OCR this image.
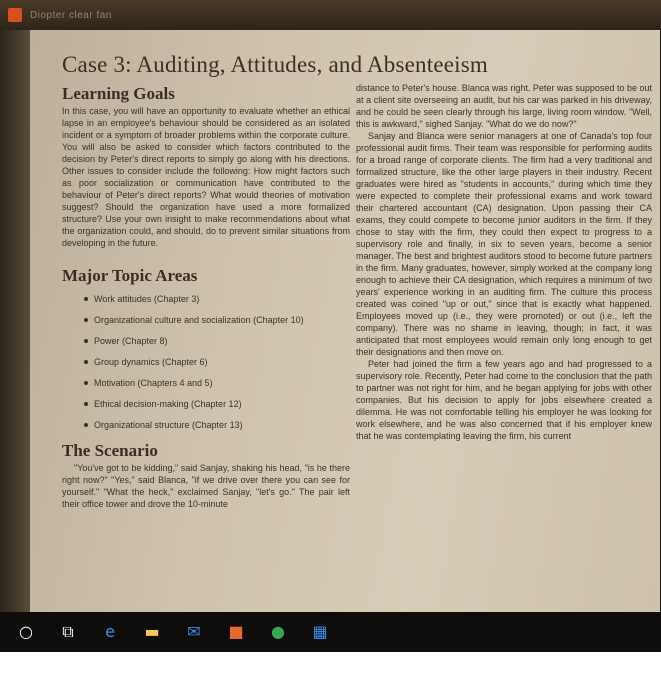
Diopter clear fan
Case 3: Auditing, Attitudes, and Absenteeism
Learning Goals

In this case, you will have an opportunity to evaluate whether an ethical lapse in an employee's behaviour should be considered as an isolated incident or a symptom of broader problems within the corporate culture. You will also be asked to consider which factors contributed to the decision by Peter's direct reports to simply go along with his directions. Other issues to consider include the following: How might factors such as poor socialization or communication have contributed to the behaviour of Peter's direct reports? What would theories of motivation suggest? Should the organization have used a more formalized structure? Use your own insight to make recommendations about what the organization could, and should, do to prevent similar situations from developing in the future.

Major Topic Areas
Work attitudes (Chapter 3)
Organizational culture and socialization (Chapter 10)
Power (Chapter 8)
Group dynamics (Chapter 6)
Motivation (Chapters 4 and 5)
Ethical decision-making (Chapter 12)
Organizational structure (Chapter 13)
The Scenario

"You've got to be kidding," said Sanjay, shaking his head, "is he there right now?" "Yes," said Blanca, "if we drive over there you can see for yourself." "What the heck," exclaimed Sanjay, "let's go." The pair left their office tower and drove the 10-minute

distance to Peter's house. Blanca was right. Peter was supposed to be out at a client site overseeing an audit, but his car was parked in his driveway, and he could be seen clearly through his large, living room window. "Well, this is awkward," sighed Sanjay. "What do we do now?"

Sanjay and Blanca were senior managers at one of Canada's top four professional audit firms. Their team was responsible for performing audits for a broad range of corporate clients. The firm had a very traditional and formalized structure, like the other large players in their industry. Recent graduates were hired as "students in accounts," during which time they were expected to complete their professional exams and work toward their chartered accountant (CA) designation. Upon passing their CA exams, they could compete to become junior auditors in the firm. If they chose to stay with the firm, they could then expect to progress to a supervisory role and finally, in six to seven years, become a senior manager. The best and brightest auditors stood to become future partners in the firm. Many graduates, however, simply worked at the company long enough to achieve their CA designation, which requires a minimum of two years' experience working in an auditing firm. The culture this process created was coined "up or out," since that is exactly what happened. Employees moved up (i.e., they were promoted) or out (i.e., left the company). There was no shame in leaving, though; in fact, it was anticipated that most employees would remain only long enough to get their designations and then move on.

Peter had joined the firm a few years ago and had progressed to a supervisory role. Recently, Peter had come to the conclusion that the path to partner was not right for him, and he began applying for jobs with other companies. But his decision to apply for jobs elsewhere created a dilemma. He was not comfortable telling his employer he was looking for work elsewhere, and he was also concerned that if his employer knew that he was contemplating leaving the firm, his current

○ ⧉ e ▬ ✉ ■ ● ▦
